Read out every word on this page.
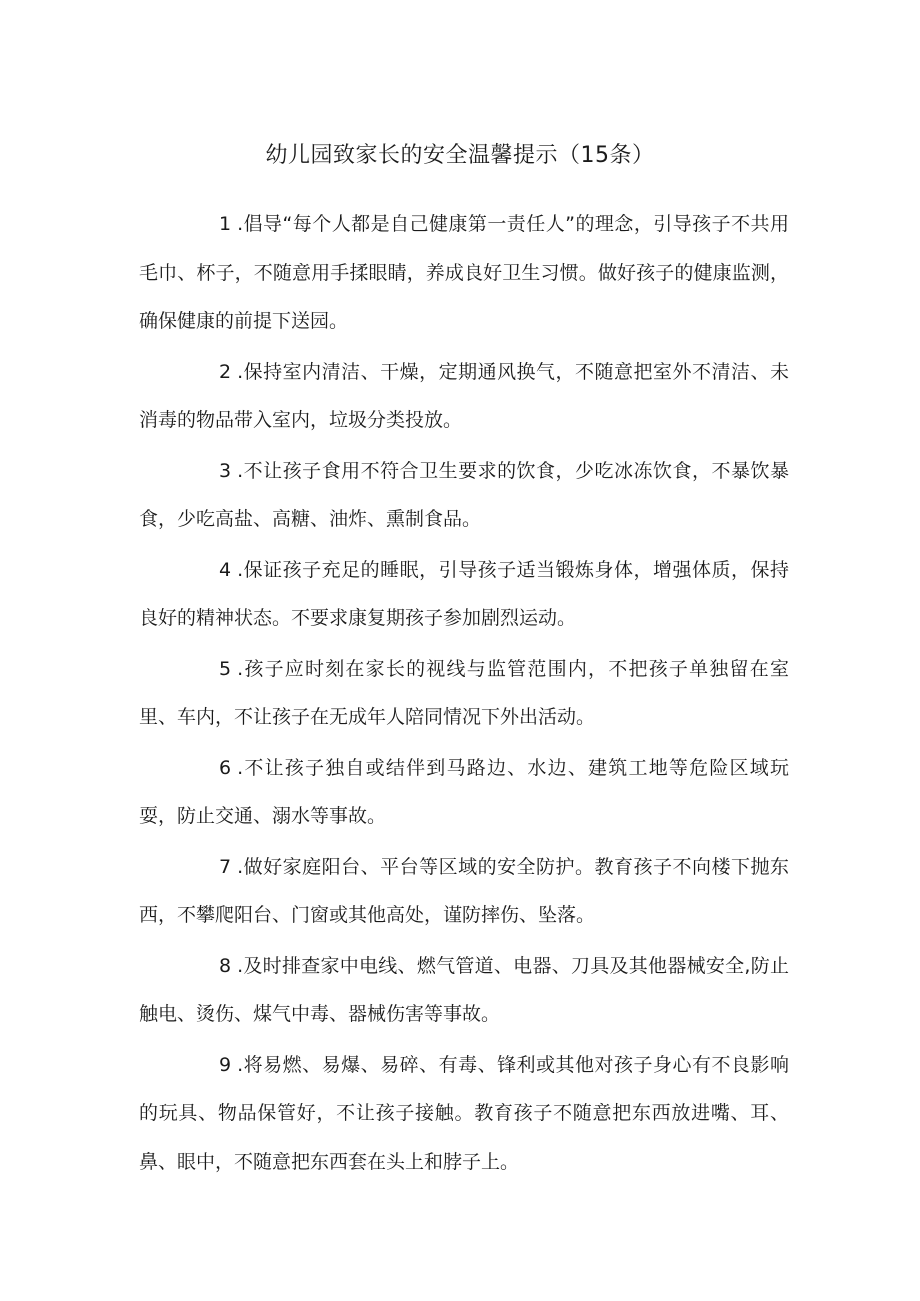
幼儿园致家长的安全温馨提示（15条）

1 .倡导“每个人都是自己健康第一责任人”的理念，引导孩子不共用毛巾、杯子，不随意用手揉眼睛，养成良好卫生习惯。做好孩子的健康监测，确保健康的前提下送园。

2 .保持室内清洁、干燥，定期通风换气，不随意把室外不清洁、未消毒的物品带入室内，垃圾分类投放。

3 .不让孩子食用不符合卫生要求的饮食，少吃冰冻饮食，不暴饮暴食，少吃高盐、高糖、油炸、熏制食品。

4 .保证孩子充足的睡眠，引导孩子适当锻炼身体，增强体质，保持良好的精神状态。不要求康复期孩子参加剧烈运动。

5 .孩子应时刻在家长的视线与监管范围内，不把孩子单独留在室里、车内，不让孩子在无成年人陪同情况下外出活动。

6 .不让孩子独自或结伴到马路边、水边、建筑工地等危险区域玩耍，防止交通、溺水等事故。

7 .做好家庭阳台、平台等区域的安全防护。教育孩子不向楼下抛东西，不攀爬阳台、门窗或其他高处，谨防摔伤、坠落。

8 .及时排查家中电线、燃气管道、电器、刀具及其他器械安全,防止触电、烫伤、煤气中毒、器械伤害等事故。

9 .将易燃、易爆、易碎、有毒、锋利或其他对孩子身心有不良影响的玩具、物品保管好，不让孩子接触。教育孩子不随意把东西放进嘴、耳、鼻、眼中，不随意把东西套在头上和脖子上。
